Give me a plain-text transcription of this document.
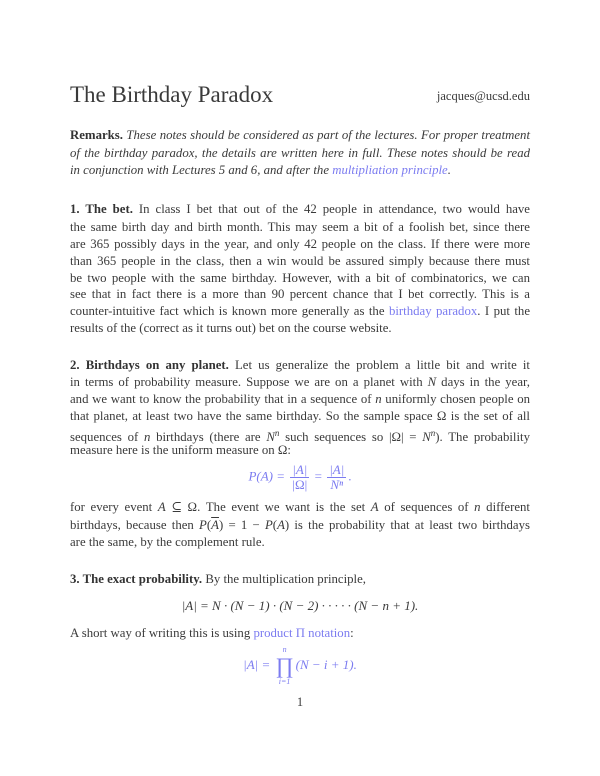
The Birthday Paradox	jacques@ucsd.edu
Remarks. These notes should be considered as part of the lectures. For proper treatment
of the birthday paradox, the details are written here in full. These notes should be read
in conjunction with Lectures 5 and 6, and after the multipliation principle.
1. The bet. In class I bet that out of the 42 people in attendance, two would have
the same birth day and birth month. This may seem a bit of a foolish bet, since there
are 365 possibly days in the year, and only 42 people on the class. If there were more
than 365 people in the class, then a win would be assured simply because there must
be two people with the same birthday. However, with a bit of combinatorics, we can
see that in fact there is a more than 90 percent chance that I bet correctly. This is a
counter-intuitive fact which is known more generally as the birthday paradox. I put the
results of the (correct as it turns out) bet on the course website.
2. Birthdays on any planet. Let us generalize the problem a little bit and write it
in terms of probability measure. Suppose we are on a planet with N days in the year,
and we want to know the probability that in a sequence of n uniformly chosen people on
that planet, at least two have the same birthday. So the sample space Ω is the set of all
sequences of n birthdays (there are $N^n$ such sequences so $|\Omega| = N^n$). The probability
measure here is the uniform measure on Ω:
for every event A ⊆ Ω. The event we want is the set A of sequences of n different
birthdays, because then $P(\overline{A}) = 1 - P(A)$ is the probability that at least two birthdays
are the same, by the complement rule.
3. The exact probability. By the multiplication principle,
A short way of writing this is using product Π notation:
$P(A) = \frac{|A|}{|\Omega|} = \frac{|A|}{\text{Nⁿ}}$ .
|A| = N · (N − 1) · (N − 2) · · · · · (N − n + 1).
|A| =
n
∏
i=1
(N − i + 1).
1
